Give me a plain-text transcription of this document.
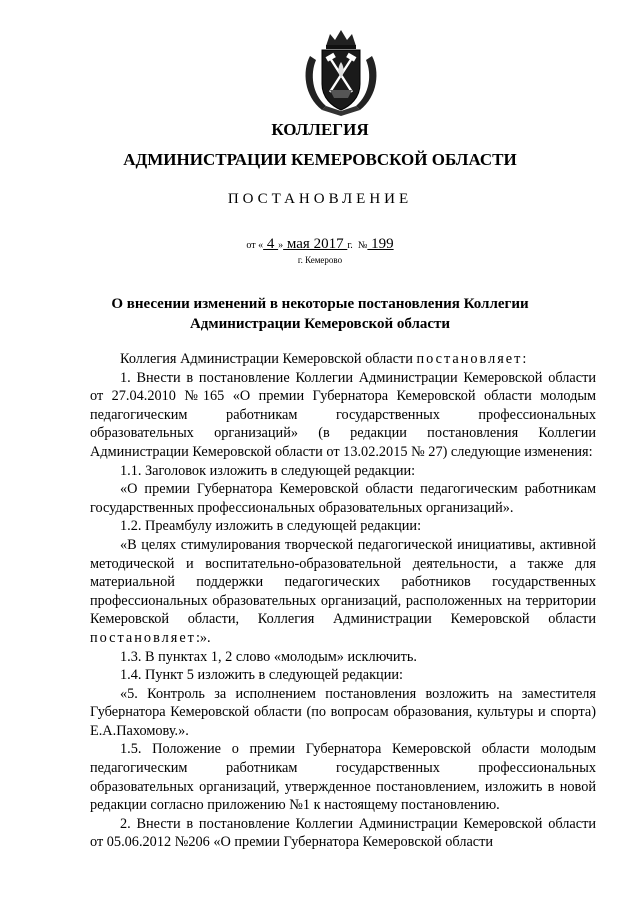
КОЛЛЕГИЯ
АДМИНИСТРАЦИИ КЕМЕРОВСКОЙ ОБЛАСТИ
ПОСТАНОВЛЕНИЕ
от « 4 » мая 2017 г. № 199
г. Кемерово
О внесении изменений в некоторые постановления Коллегии
Администрации Кемеровской области

Коллегия Администрации Кемеровской области постановляет:

1. Внести в постановление Коллегии Администрации Кемеровской области от 27.04.2010 №165 «О премии Губернатора Кемеровской области молодым педагогическим работникам государственных профессиональных образовательных организаций» (в редакции постановления Коллегии Администрации Кемеровской области от 13.02.2015 № 27) следующие изменения:

1.1. Заголовок изложить в следующей редакции:

«О премии Губернатора Кемеровской области педагогическим работникам государственных профессиональных образовательных организаций».

1.2. Преамбулу изложить в следующей редакции:

«В целях стимулирования творческой педагогической инициативы, активной методической и воспитательно-образовательной деятельности, а также для материальной поддержки педагогических работников государственных профессиональных образовательных организаций, расположенных на территории Кемеровской области, Коллегия Администрации Кемеровской области постановляет:».

1.3. В пунктах 1, 2 слово «молодым» исключить.

1.4. Пункт 5 изложить в следующей редакции:

«5. Контроль за исполнением постановления возложить на заместителя Губернатора Кемеровской области (по вопросам образования, культуры и спорта) Е.А.Пахомову.».

1.5. Положение о премии Губернатора Кемеровской области молодым педагогическим работникам государственных профессиональных образовательных организаций, утвержденное постановлением, изложить в новой редакции согласно приложению №1 к настоящему постановлению.

2. Внести в постановление Коллегии Администрации Кемеровской области от 05.06.2012 №206 «О премии Губернатора Кемеровской области
